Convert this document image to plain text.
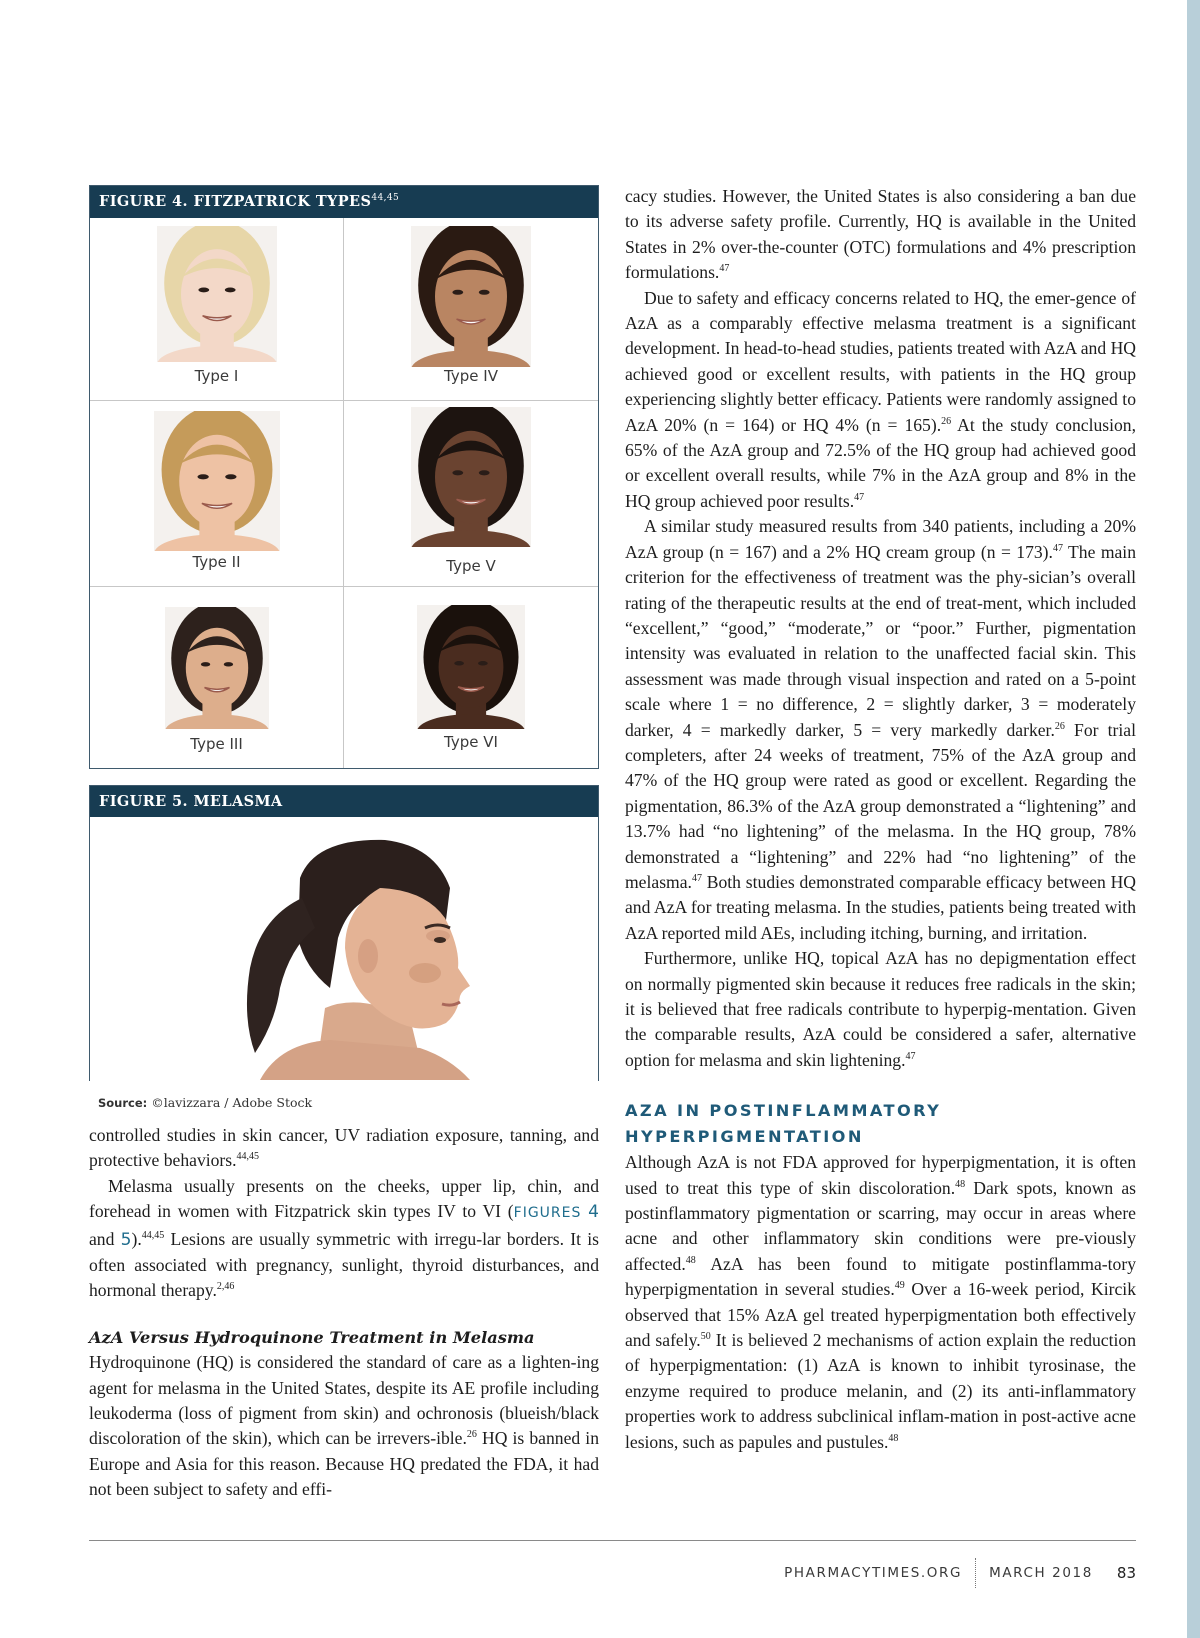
FIGURE 4. FITZPATRICK TYPES$^{44,45}$
Type I	Type IV
Type II	Type V
Type III	Type VI
FIGURE 5. MELASMA
Source: ©lavizzara / Adobe Stock

controlled studies in skin cancer, UV radiation exposure, tanning, and protective behaviors.$^{44,45}$

Melasma usually presents on the cheeks, upper lip, chin, and forehead in women with Fitzpatrick skin types IV to VI (FIGURES 4 and 5).$^{44,45}$ Lesions are usually symmetric with irregu-lar borders. It is often associated with pregnancy, sunlight, thyroid disturbances, and hormonal therapy.$^{2,46}$

AzA Versus Hydroquinone Treatment in Melasma

Hydroquinone (HQ) is considered the standard of care as a lighten-ing agent for melasma in the United States, despite its AE profile including leukoderma (loss of pigment from skin) and ochronosis (blueish/black discoloration of the skin), which can be irrevers-ible.$^{26}$ HQ is banned in Europe and Asia for this reason. Because HQ predated the FDA, it had not been subject to safety and effi-

cacy studies. However, the United States is also considering a ban due to its adverse safety profile. Currently, HQ is available in the United States in 2% over-the-counter (OTC) formulations and 4% prescription formulations.$^{47}$

Due to safety and efficacy concerns related to HQ, the emer-gence of AzA as a comparably effective melasma treatment is a significant development. In head-to-head studies, patients treated with AzA and HQ achieved good or excellent results, with patients in the HQ group experiencing slightly better efficacy. Patients were randomly assigned to AzA 20% (n = 164) or HQ 4% (n = 165).$^{26}$ At the study conclusion, 65% of the AzA group and 72.5% of the HQ group had achieved good or excellent overall results, while 7% in the AzA group and 8% in the HQ group achieved poor results.$^{47}$

A similar study measured results from 340 patients, including a 20% AzA group (n = 167) and a 2% HQ cream group (n = 173).$^{47}$ The main criterion for the effectiveness of treatment was the phy-sician’s overall rating of the therapeutic results at the end of treat-ment, which included “excellent,” “good,” “moderate,” or “poor.” Further, pigmentation intensity was evaluated in relation to the unaffected facial skin. This assessment was made through visual inspection and rated on a 5-point scale where 1 = no difference, 2 = slightly darker, 3 = moderately darker, 4 = markedly darker, 5 = very markedly darker.$^{26}$ For trial completers, after 24 weeks of treatment, 75% of the AzA group and 47% of the HQ group were rated as good or excellent. Regarding the pigmentation, 86.3% of the AzA group demonstrated a “lightening” and 13.7% had “no lightening” of the melasma. In the HQ group, 78% demonstrated a “lightening” and 22% had “no lightening” of the melasma.$^{47}$ Both studies demonstrated comparable efficacy between HQ and AzA for treating melasma. In the studies, patients being treated with AzA reported mild AEs, including itching, burning, and irritation.

Furthermore, unlike HQ, topical AzA has no depigmentation effect on normally pigmented skin because it reduces free radicals in the skin; it is believed that free radicals contribute to hyperpig-mentation. Given the comparable results, AzA could be considered a safer, alternative option for melasma and skin lightening.$^{47}$

AZA IN POSTINFLAMMATORY
HYPERPIGMENTATION

Although AzA is not FDA approved for hyperpigmentation, it is often used to treat this type of skin discoloration.$^{48}$ Dark spots, known as postinflammatory pigmentation or scarring, may occur in areas where acne and other inflammatory skin conditions were pre-viously affected.$^{48}$ AzA has been found to mitigate postinflamma-tory hyperpigmentation in several studies.$^{49}$ Over a 16-week period, Kircik observed that 15% AzA gel treated hyperpigmentation both effectively and safely.$^{50}$ It is believed 2 mechanisms of action explain the reduction of hyperpigmentation: (1) AzA is known to inhibit tyrosinase, the enzyme required to produce melanin, and (2) its anti-inflammatory properties work to address subclinical inflam-mation in post-active acne lesions, such as papules and pustules.$^{48}$

PHARMACYTIMES.ORG MARCH 2018 83
